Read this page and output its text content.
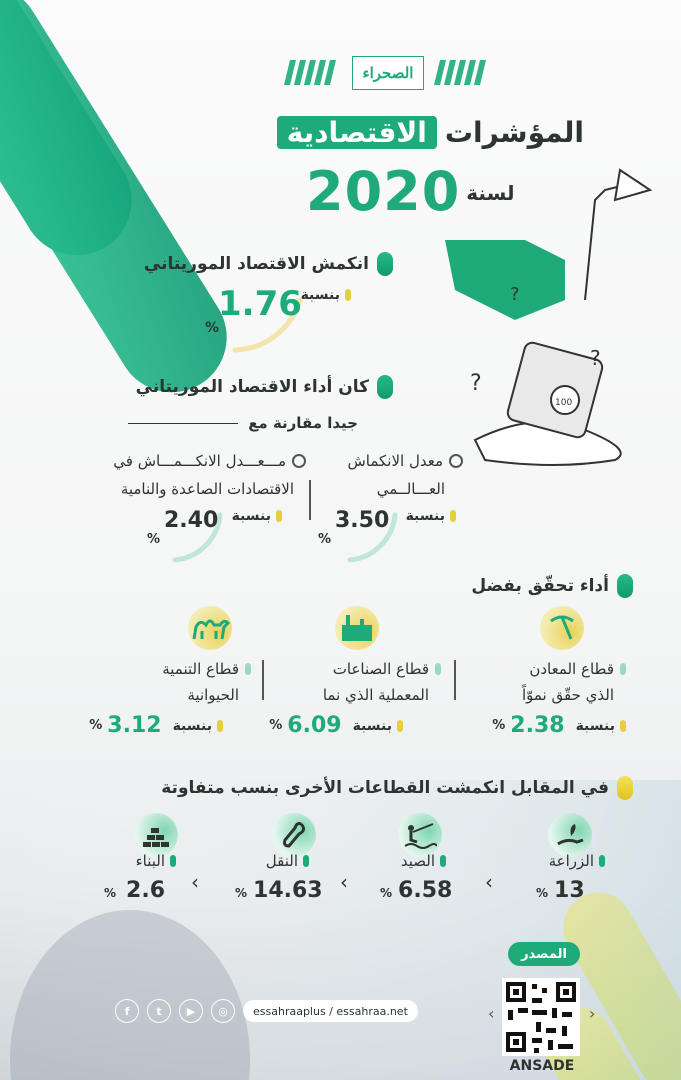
الصحراء
المؤشرات
الاقتصادية
2020 لسنة
100
?
?
?
انكمش الاقتصاد الموريتاني
بنسبة
1.76
%
كان أداء الاقتصاد الموريتاني
جيدا مقارنة مع
معدل الانكماش
العـــالــمي
بنسبة
3.50
%
مـــعـــدل الانكـــمـــاش في
الاقتصادات الصاعدة والنامية
بنسبة
2.40
%
أداء تحقّق بفضل
قطاع المعادن
الذي حقّق نموّاً
بنسبة
2.38
%
قطاع الصناعات
المعملية الذي نما
بنسبة
6.09
%
قطاع التنمية
الحيوانية
بنسبة
3.12
%
في المقابل انكمشت القطاعات الأخرى بنسب متفاوتة
الزراعة
% 13
‹
الصيد
% 6.58
‹
النقل
% 14.63
‹
البناء
% 2.6
المصدر
‹	›
ANSADE
f	t	▶	◎	essahraaplus / essahraa.net
